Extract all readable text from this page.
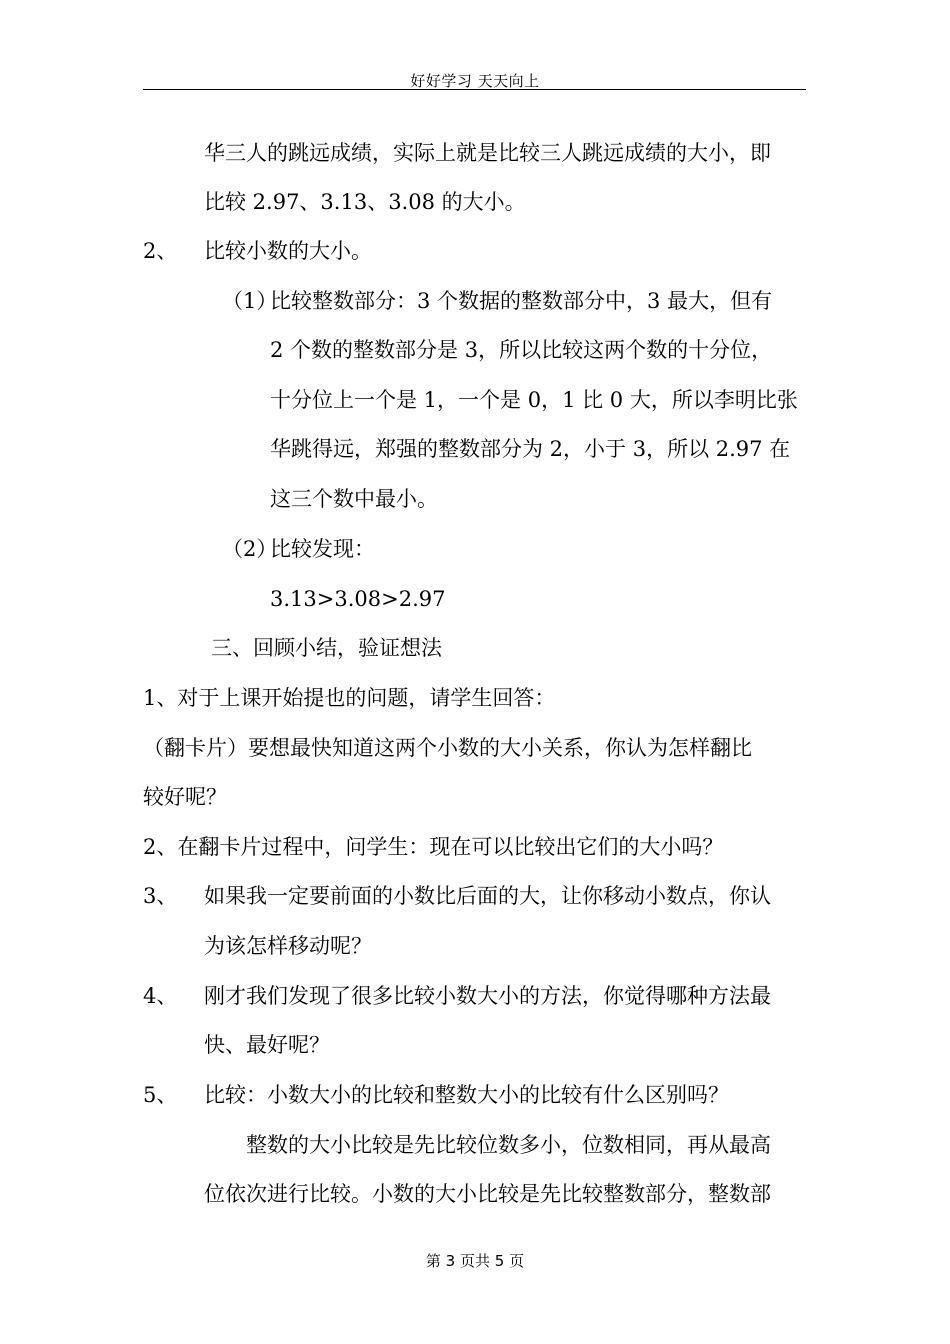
好好学习 天天向上
华三人的跳远成绩，实际上就是比较三人跳远成绩的大小，即
比较 2.97、3.13、3.08 的大小。
2、 比较小数的大小。
（1）
比较整数部分：3 个数据的整数部分中，3 最大，但有
2 个数的整数部分是 3，所以比较这两个数的十分位，
十分位上一个是 1，一个是 0，1 比 0 大，所以李明比张
华跳得远，郑强的整数部分为 2，小于 3，所以 2.97 在
这三个数中最小。
（2）
比较发现：
3.13>3.08>2.97
三、回顾小结，验证想法
1、对于上课开始提也的问题，请学生回答：
（翻卡片）要想最快知道这两个小数的大小关系，你认为怎样翻比
较好呢？
2、在翻卡片过程中，问学生：现在可以比较出它们的大小吗？
3、 如果我一定要前面的小数比后面的大，让你移动小数点，你认
为该怎样移动呢？
4、 刚才我们发现了很多比较小数大小的方法，你觉得哪种方法最
快、最好呢？
5、 比较：小数大小的比较和整数大小的比较有什么区别吗？
整数的大小比较是先比较位数多小，位数相同，再从最高
位依次进行比较。小数的大小比较是先比较整数部分，整数部
第 3 页共 5 页
